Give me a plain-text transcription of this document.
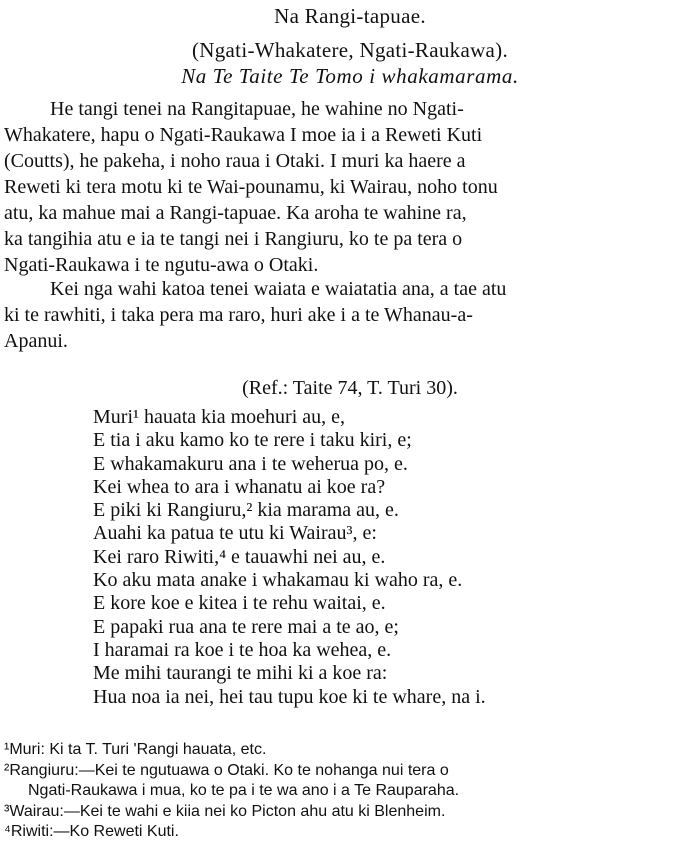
Na Rangi-tapuae.
(Ngati-Whakatere, Ngati-Raukawa).
Na Te Taite Te Tomo i whakamarama.
He tangi tenei na Rangitapuae, he wahine no Ngati-
Whakatere, hapu o Ngati-Raukawa I moe ia i a Reweti Kuti
(Coutts), he pakeha, i noho raua i Otaki. I muri ka haere a
Reweti ki tera motu ki te Wai-pounamu, ki Wairau, noho tonu
atu, ka mahue mai a Rangi-tapuae. Ka aroha te wahine ra,
ka tangihia atu e ia te tangi nei i Rangiuru, ko te pa tera o
Ngati-Raukawa i te ngutu-awa o Otaki.
Kei nga wahi katoa tenei waiata e waiatatia ana, a tae atu
ki te rawhiti, i taka pera ma raro, huri ake i a te Whanau-a-
Apanui.
(Ref.: Taite 74, T. Turi 30).
Muri¹ hauata kia moehuri au, e,
E tia i aku kamo ko te rere i taku kiri, e;
E whakamakuru ana i te weherua po, e.
Kei whea to ara i whanatu ai koe ra?
E piki ki Rangiuru,² kia marama au, e.
Auahi ka patua te utu ki Wairau³, e:
Kei raro Riwiti,⁴ e tauawhi nei au, e.
Ko aku mata anake i whakamau ki waho ra, e.
E kore koe e kitea i te rehu waitai, e.
E papaki rua ana te rere mai a te ao, e;
I haramai ra koe i te hoa ka wehea, e.
Me mihi taurangi te mihi ki a koe ra:
Hua noa ia nei, hei tau tupu koe ki te whare, na i.
¹Muri: Ki ta T. Turi 'Rangi hauata, etc.
²Rangiuru:—Kei te ngutuawa o Otaki. Ko te nohanga nui tera o
Ngati-Raukawa i mua, ko te pa i te wa ano i a Te Rauparaha.
³Wairau:—Kei te wahi e kiia nei ko Picton ahu atu ki Blenheim.
⁴Riwiti:—Ko Reweti Kuti.
